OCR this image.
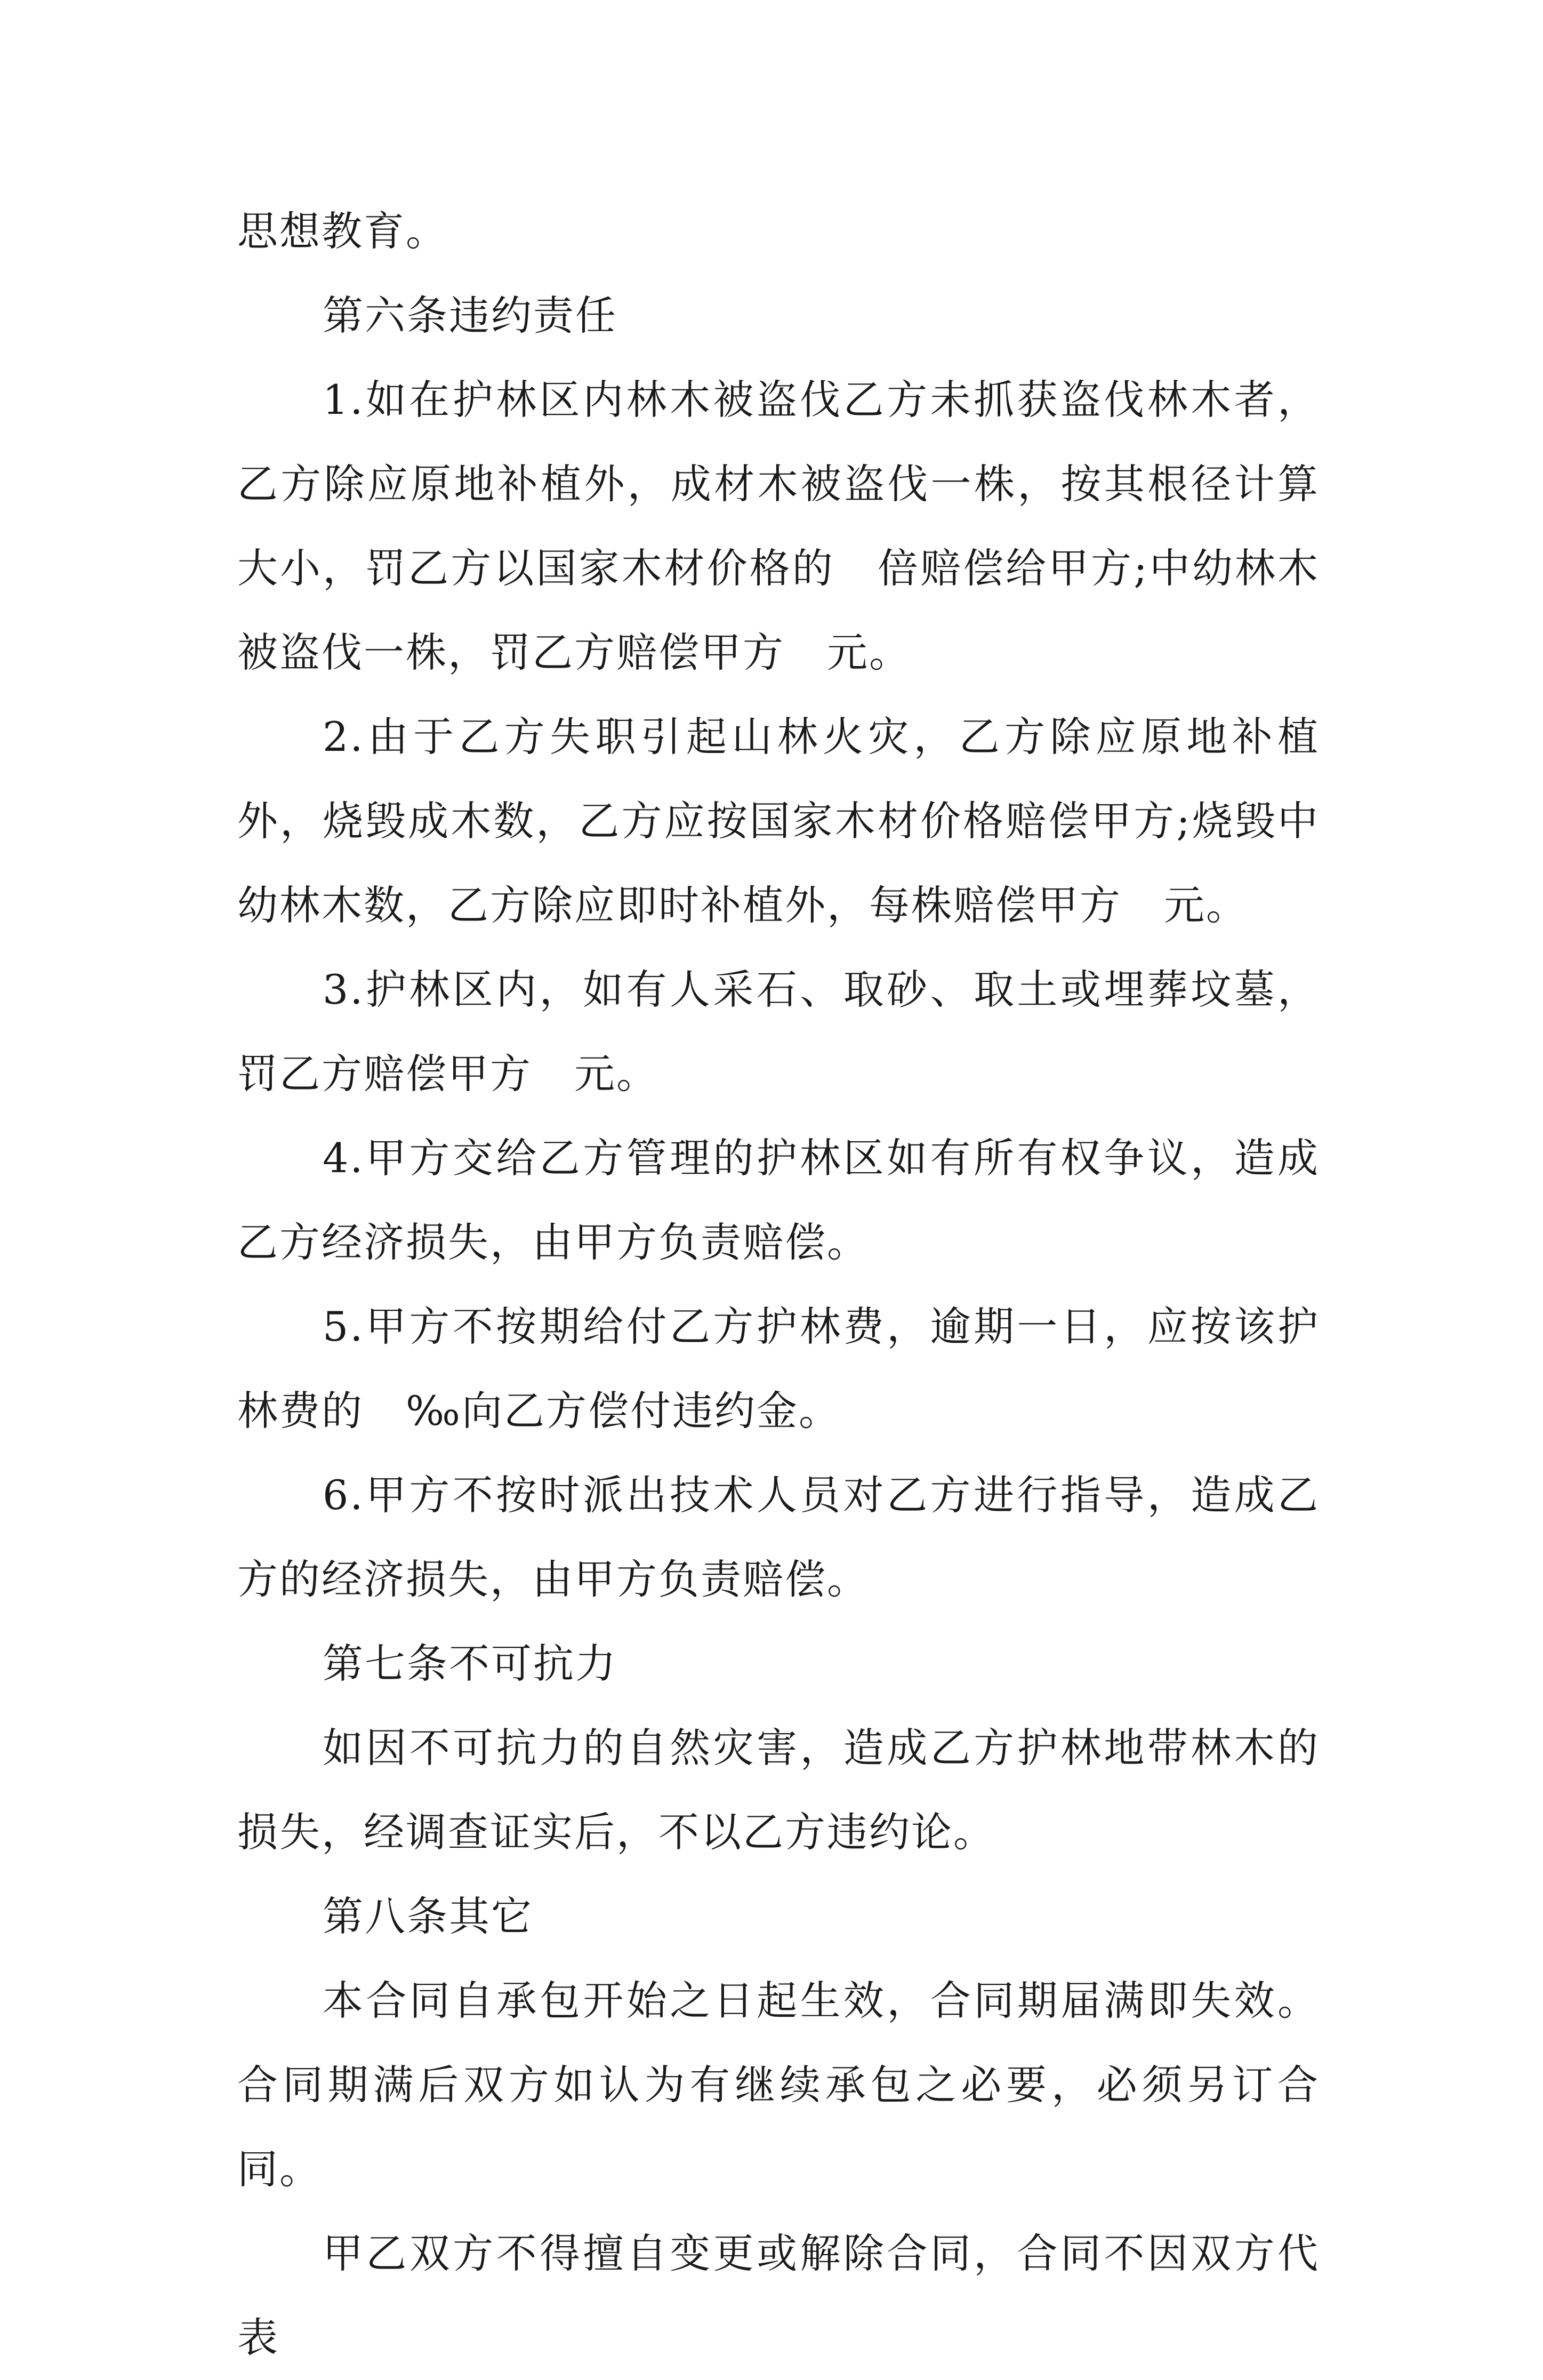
思想教育。

第六条违约责任

1.如在护林区内林木被盗伐乙方未抓获盗伐林木者，乙方除应原地补植外，成材木被盗伐一株，按其根径计算大小，罚乙方以国家木材价格的　倍赔偿给甲方;中幼林木被盗伐一株，罚乙方赔偿甲方　元。

2.由于乙方失职引起山林火灾，乙方除应原地补植外，烧毁成木数，乙方应按国家木材价格赔偿甲方;烧毁中幼林木数，乙方除应即时补植外，每株赔偿甲方　元。

3.护林区内，如有人采石、取砂、取土或埋葬坟墓，罚乙方赔偿甲方　元。

4.甲方交给乙方管理的护林区如有所有权争议，造成乙方经济损失，由甲方负责赔偿。

5.甲方不按期给付乙方护林费，逾期一日，应按该护林费的　‰向乙方偿付违约金。

6.甲方不按时派出技术人员对乙方进行指导，造成乙方的经济损失，由甲方负责赔偿。

第七条不可抗力

如因不可抗力的自然灾害，造成乙方护林地带林木的损失，经调查证实后，不以乙方违约论。

第八条其它

本合同自承包开始之日起生效，合同期届满即失效。合同期满后双方如认为有继续承包之必要，必须另订合同。

甲乙双方不得擅自变更或解除合同，合同不因双方代表
